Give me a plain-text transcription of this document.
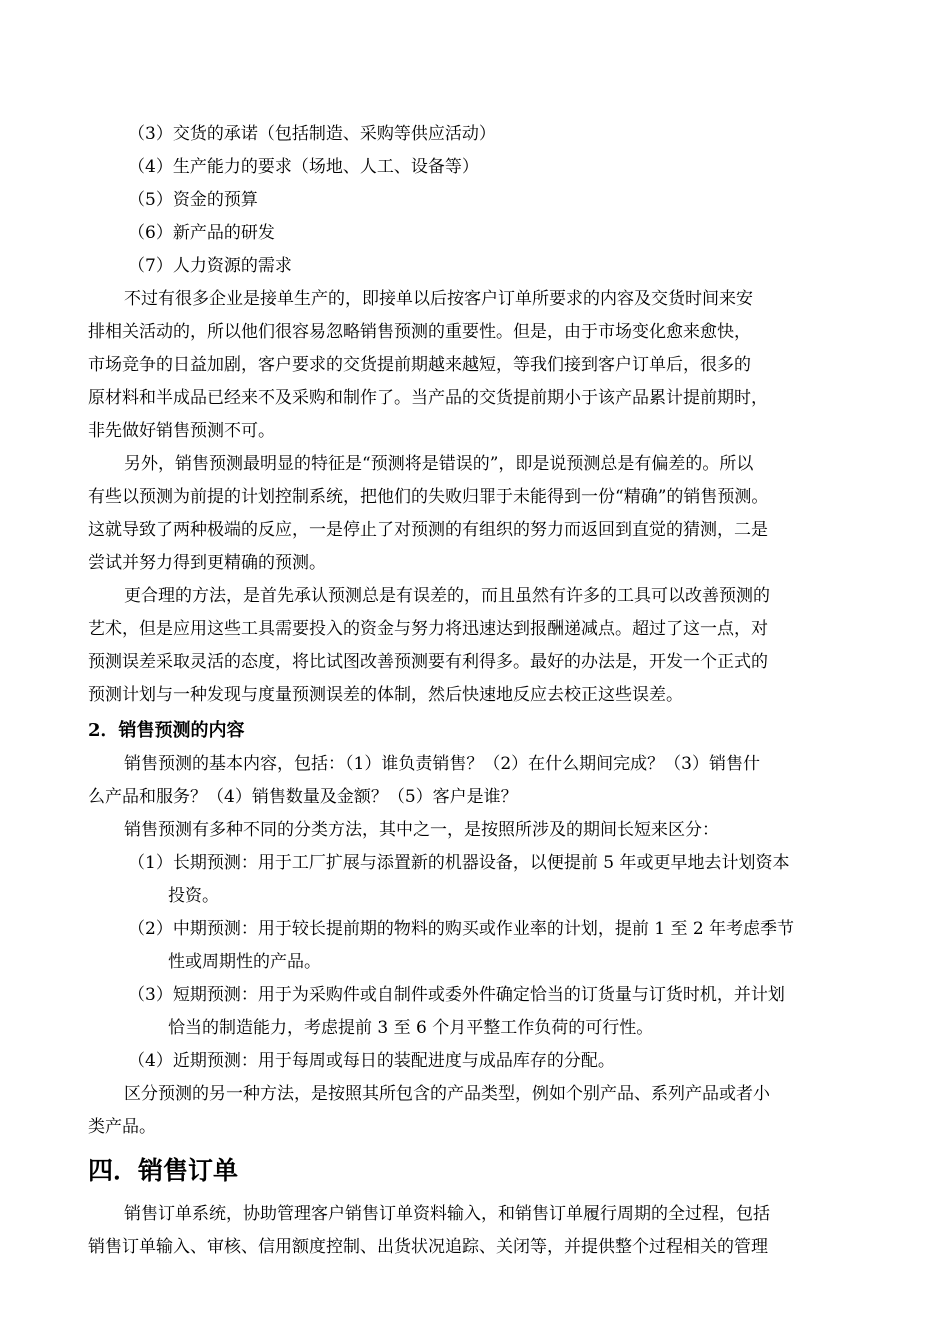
（3）交货的承诺（包括制造、采购等供应活动）
（4）生产能力的要求（场地、人工、设备等）
（5）资金的预算
（6）新产品的研发
（7）人力资源的需求
不过有很多企业是接单生产的，即接单以后按客户订单所要求的内容及交货时间来安
排相关活动的，所以他们很容易忽略销售预测的重要性。但是，由于市场变化愈来愈快，
市场竞争的日益加剧，客户要求的交货提前期越来越短，等我们接到客户订单后，很多的
原材料和半成品已经来不及采购和制作了。当产品的交货提前期小于该产品累计提前期时，
非先做好销售预测不可。
另外，销售预测最明显的特征是“预测将是错误的”，即是说预测总是有偏差的。所以
有些以预测为前提的计划控制系统，把他们的失败归罪于未能得到一份“精确”的销售预测。
这就导致了两种极端的反应，一是停止了对预测的有组织的努力而返回到直觉的猜测，二是
尝试并努力得到更精确的预测。
更合理的方法，是首先承认预测总是有误差的，而且虽然有许多的工具可以改善预测的
艺术，但是应用这些工具需要投入的资金与努力将迅速达到报酬递减点。超过了这一点，对
预测误差采取灵活的态度，将比试图改善预测要有利得多。最好的办法是，开发一个正式的
预测计划与一种发现与度量预测误差的体制，然后快速地反应去校正这些误差。
2．销售预测的内容
销售预测的基本内容，包括：（1）谁负责销售？（2）在什么期间完成？（3）销售什
么产品和服务？（4）销售数量及金额？（5）客户是谁？
销售预测有多种不同的分类方法，其中之一，是按照所涉及的期间长短来区分：
（1）长期预测：用于工厂扩展与添置新的机器设备，以便提前 5 年或更早地去计划资本
投资。
（2）中期预测：用于较长提前期的物料的购买或作业率的计划，提前 1 至 2 年考虑季节
性或周期性的产品。
（3）短期预测：用于为采购件或自制件或委外件确定恰当的订货量与订货时机，并计划
恰当的制造能力，考虑提前 3 至 6 个月平整工作负荷的可行性。
（4）近期预测：用于每周或每日的装配进度与成品库存的分配。
区分预测的另一种方法，是按照其所包含的产品类型，例如个别产品、系列产品或者小
类产品。
四．销售订单
销售订单系统，协助管理客户销售订单资料输入，和销售订单履行周期的全过程，包括
销售订单输入、审核、信用额度控制、出货状况追踪、关闭等，并提供整个过程相关的管理
